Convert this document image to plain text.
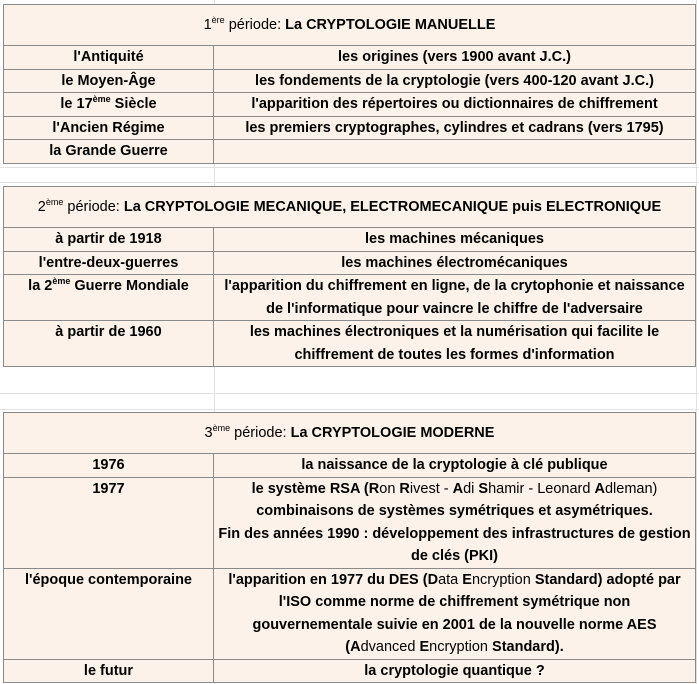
1ère période: La CRYPTOLOGIE MANUELLE	
l'Antiquité	les origines (vers 1900 avant J.C.)
le Moyen-Âge	les fondements de la cryptologie (vers 400-120 avant J.C.)
le 17ème Siècle	l'apparition des répertoires ou dictionnaires de chiffrement
l'Ancien Régime	les premiers cryptographes, cylindres et cadrans (vers 1795)
la Grande Guerre	
2ème période: La CRYPTOLOGIE MECANIQUE, ELECTROMECANIQUE puis ELECTRONIQUE	
à partir de 1918	les machines mécaniques
l'entre-deux-guerres	les machines électromécaniques
la 2ème Guerre Mondiale	l'apparition du chiffrement en ligne, de la crytophonie et naissance de l'informatique pour vaincre le chiffre de l'adversaire
à partir de 1960	les machines électroniques et la numérisation qui facilite le chiffrement de toutes les formes d'information
3ème période: La CRYPTOLOGIE MODERNE	
1976	la naissance de la cryptologie à clé publique
1977	le système RSA (Ron Rivest - Adi Shamir - Leonard Adleman)
combinaisons de systèmes symétriques et asymétriques.
Fin des années 1990 : développement des infrastructures de gestion de clés (PKI)

l'époque contemporaine	l'apparition en 1977 du DES (Data Encryption Standard) adopté par l'ISO comme norme de chiffrement symétrique non gouvernementale suivie en 2001 de la nouvelle norme AES (Advanced Encryption Standard).
le futur	la cryptologie quantique ?
